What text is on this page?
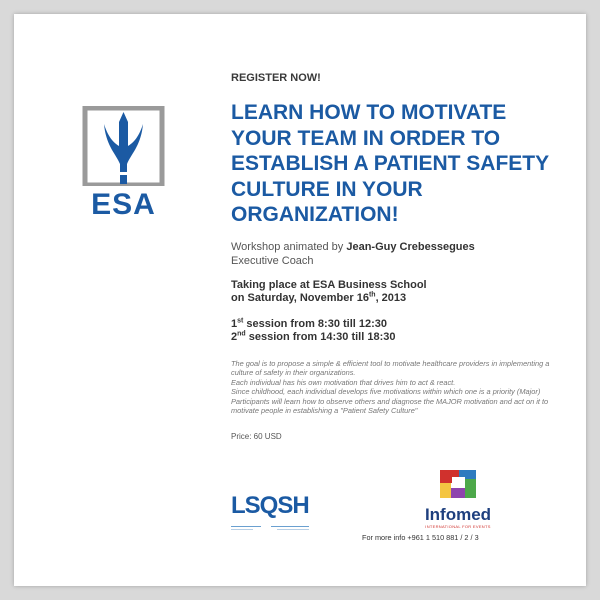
ESA

REGISTER NOW!

LEARN HOW TO MOTIVATE YOUR TEAM IN ORDER TO ESTABLISH A PATIENT SAFETY CULTURE IN YOUR ORGANIZATION!

Workshop animated by Jean-Guy Crebessegues
Executive Coach

Taking place at ESA Business School
on Saturday, November 16th, 2013

1st session from 8:30 till 12:30
2nd session from 14:30 till 18:30

The goal is to propose a simple & efficient tool to motivate healthcare providers in implementing a culture of safety in their organizations.

Each individual has his own motivation that drives him to act & react.

Since childhood, each individual develops five motivations within which one is a priority (Major)

Participants will learn how to observe others and diagnose the MAJOR motivation and act on it to motivate people in establishing a "Patient Safety Culture"

Price: 60 USD

LSQSH	Infomed
INTERNATIONAL FOR EVENTS
For more info +961 1 510 881 / 2 / 3
